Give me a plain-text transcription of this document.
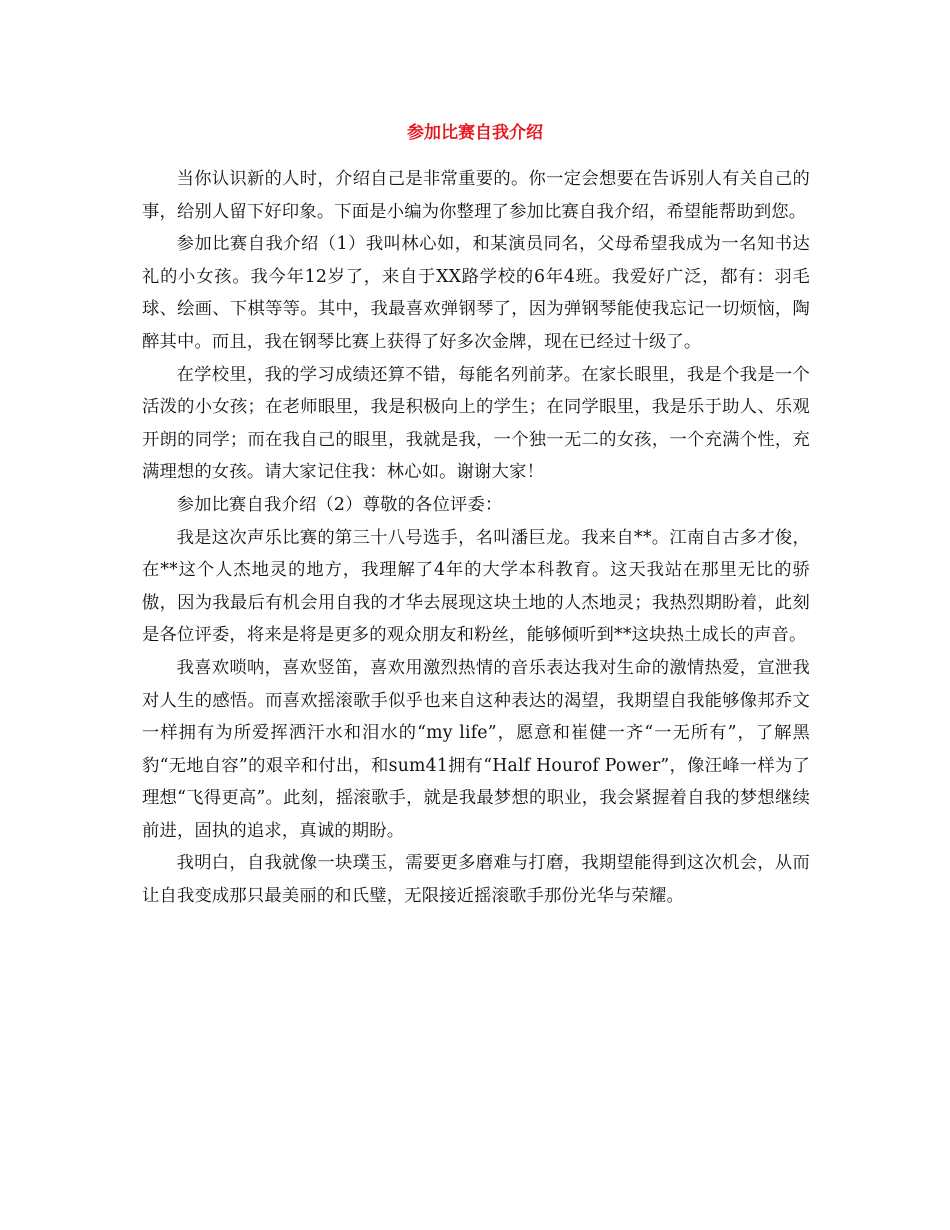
参加比赛自我介绍

当你认识新的人时，介绍自己是非常重要的。你一定会想要在告诉别人有关自己的事，给别人留下好印象。下面是小编为你整理了参加比赛自我介绍，希望能帮助到您。

参加比赛自我介绍（1）我叫林心如，和某演员同名，父母希望我成为一名知书达礼的小女孩。我今年12岁了，来自于XX路学校的6年4班。我爱好广泛，都有：羽毛球、绘画、下棋等等。其中，我最喜欢弹钢琴了，因为弹钢琴能使我忘记一切烦恼，陶醉其中。而且，我在钢琴比赛上获得了好多次金牌，现在已经过十级了。

在学校里，我的学习成绩还算不错，每能名列前茅。在家长眼里，我是个我是一个活泼的小女孩；在老师眼里，我是积极向上的学生；在同学眼里，我是乐于助人、乐观开朗的同学；而在我自己的眼里，我就是我，一个独一无二的女孩，一个充满个性，充满理想的女孩。请大家记住我：林心如。谢谢大家！

参加比赛自我介绍（2）尊敬的各位评委：

我是这次声乐比赛的第三十八号选手，名叫潘巨龙。我来自**。江南自古多才俊，在**这个人杰地灵的地方，我理解了4年的大学本科教育。这天我站在那里无比的骄傲，因为我最后有机会用自我的才华去展现这块土地的人杰地灵；我热烈期盼着，此刻是各位评委，将来是将是更多的观众朋友和粉丝，能够倾听到**这块热土成长的声音。

我喜欢唢呐，喜欢竖笛，喜欢用激烈热情的音乐表达我对生命的激情热爱，宣泄我对人生的感悟。而喜欢摇滚歌手似乎也来自这种表达的渴望，我期望自我能够像邦乔文一样拥有为所爱挥洒汗水和泪水的“my life”，愿意和崔健一齐“一无所有”，了解黑豹“无地自容”的艰辛和付出，和sum41拥有“Half Hourof Power”，像汪峰一样为了理想“飞得更高”。此刻，摇滚歌手，就是我最梦想的职业，我会紧握着自我的梦想继续前进，固执的追求，真诚的期盼。

我明白，自我就像一块璞玉，需要更多磨难与打磨，我期望能得到这次机会，从而让自我变成那只最美丽的和氏璧，无限接近摇滚歌手那份光华与荣耀。
